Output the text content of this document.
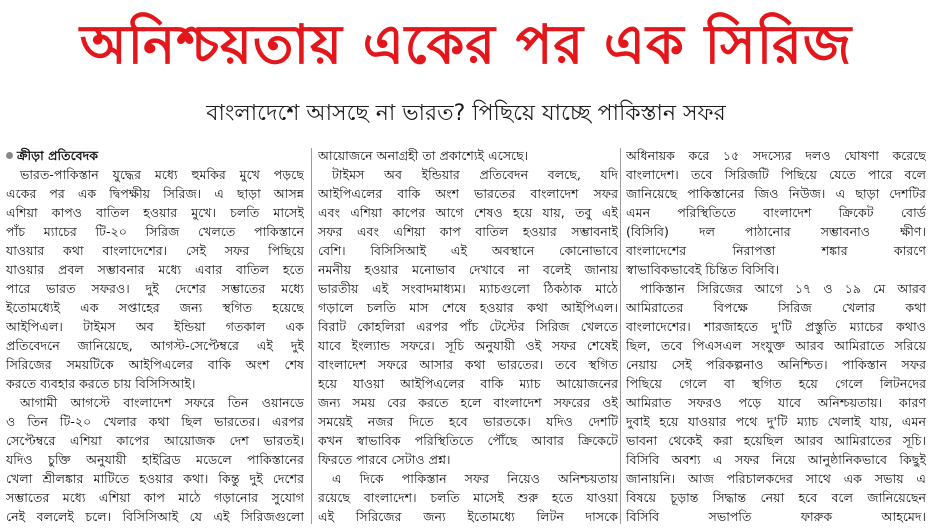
অনিশ্চয়তায় একের পর এক সিরিজ
বাংলাদেশে আসছে না ভারত? পিছিয়ে যাচ্ছে পাকিস্তান সফর
ক্রীড়া প্রতিবেদক
ভারত-পাকিস্তান যুদ্ধের মধ্যে হুমকির মুখে পড়ছে
একের পর এক দ্বিপক্ষীয় সিরিজ। এ ছাড়া আসন্ন
এশিয়া কাপও বাতিল হওয়ার মুখে। চলতি মাসেই
পাঁচ ম্যাচের টি-২০ সিরিজ খেলতে পাকিস্তানে
যাওয়ার কথা বাংলাদেশের। সেই সফর পিছিয়ে
যাওয়ার প্রবল সম্ভাবনার মধ্যে এবার বাতিল হতে
পারে ভারত সফরও। দুই দেশের সম্ভাতের মধ্যে
ইতোমধ্যেই এক সপ্তাহের জন্য স্থগিত হয়েছে
আইপিএল। টাইমস অব ইন্ডিয়া গতকাল এক
প্রতিবেদনে জানিয়েছে, আগস্ট-সেপ্টেম্বরে এই দুই
সিরিজের সময়টিকে আইপিএলের বাকি অংশ শেষ
করতে ব্যবহার করতে চায় বিসিসিআই।
আগামী আগস্টে বাংলাদেশ সফরে তিন ওয়ানডে
ও তিন টি-২০ খেলার কথা ছিল ভারতের। এরপর
সেপ্টেম্বরে এশিয়া কাপের আয়োজক দেশ ভারতই।
যদিও চুক্তি অনুযায়ী হাইব্রিড মডেলে পাকিস্তানের
খেলা শ্রীলঙ্কার মাটিতে হওয়ার কথা। কিন্তু দুই দেশের
সম্ভাতের মধ্যে এশিয়া কাপ মাঠে গড়ানোর সুযোগ
নেই বললেই চলে। বিসিসিআই যে এই সিরিজগুলো
আয়োজনে অনাগ্রহী তা প্রকাশ্যেই এসেছে।
টাইমস অব ইন্ডিয়ার প্রতিবেদন বলছে, যদি
আইপিএলের বাকি অংশ ভারতের বাংলাদেশ সফর
এবং এশিয়া কাপের আগে শেষও হয়ে যায়, তবু এই
সফর এবং এশিয়া কাপ বাতিল হওয়ার সম্ভাবনাই
বেশি। বিসিসিআই এই অবস্থানে কোনোভাবে
নমনীয় হওয়ার মনোভাব দেখাবে না বলেই জানায়
ভারতীয় এই সংবাদমাধ্যম। ম্যাচগুলো ঠিকঠাক মাঠে
গড়ালে চলতি মাস শেষে হওয়ার কথা আইপিএল।
বিরাট কোহলিরা এরপর পাঁচ টেস্টের সিরিজ খেলতে
যাবে ইংল্যান্ড সফরে। সূচি অনুযায়ী ওই সফর শেষেই
বাংলাদেশ সফরে আসার কথা ভারতের। তবে স্থগিত
হয়ে যাওয়া আইপিএলের বাকি ম্যাচ আয়োজনের
জন্য সময় বের করতে হলে বাংলাদেশ সফরের ওই
সময়েই নজর দিতে হবে ভারতকে। যদিও দেশটি
কখন স্বাভাবিক পরিস্থিতিতে পৌঁছে আবার ক্রিকেটে
ফিরতে পারবে সেটাও প্রশ্ন।
এ দিকে পাকিস্তান সফর নিয়েও অনিশ্চয়তায়
রয়েছে বাংলাদেশ। চলতি মাসেই শুরু হতে যাওয়া
এই সিরিজের জন্য ইতোমধ্যে লিটন দাসকে
অধিনায়ক করে ১৫ সদস্যের দলও ঘোষণা করেছে
বাংলাদেশ। তবে সিরিজটি পিছিয়ে যেতে পারে বলে
জানিয়েছে পাকিস্তানের জিও নিউজ। এ ছাড়া দেশটির
এমন পরিস্থিতিতে বাংলাদেশ ক্রিকেট বোর্ড
(বিসিবি) দল পাঠানোর সম্ভাবনাও ক্ষীণ।
বাংলাদেশের নিরাপত্তা শঙ্কার কারণে
স্বাভাবিকভাবেই চিন্তিত বিসিবি।
পাকিস্তান সিরিজের আগে ১৭ ও ১৯ মে আরব
আমিরাতের বিপক্ষে সিরিজ খেলার কথা
বাংলাদেশের। শারজাহতে দু'টি প্রস্তুতি ম্যাচের কথাও
ছিল, তবে পিএসএল সংযুক্ত আরব আমিরাতে সরিয়ে
নেয়ায় সেই পরিকল্পনাও অনিশ্চিত। পাকিস্তান সফর
পিছিয়ে গেলে বা স্থগিত হয়ে গেলে লিটনদের
আমিরাত সফরও পড়ে যাবে অনিশ্চয়তায়। কারণ
দুবাই হয়ে যাওয়ার পথে দু'টি ম্যাচ খেলাই যায়, এমন
ভাবনা থেকেই করা হয়েছিল আরব আমিরাতের সূচি।
বিসিবি অবশ্য এ সফর নিয়ে আনুষ্ঠানিকভাবে কিছুই
জানায়নি। আজ পরিচালকদের সাথে এক সভায় এ
বিষয়ে চূড়ান্ত সিদ্ধান্ত নেয়া হবে বলে জানিয়েছেন
বিসিবি সভাপতি ফারুক আহমেদ।
